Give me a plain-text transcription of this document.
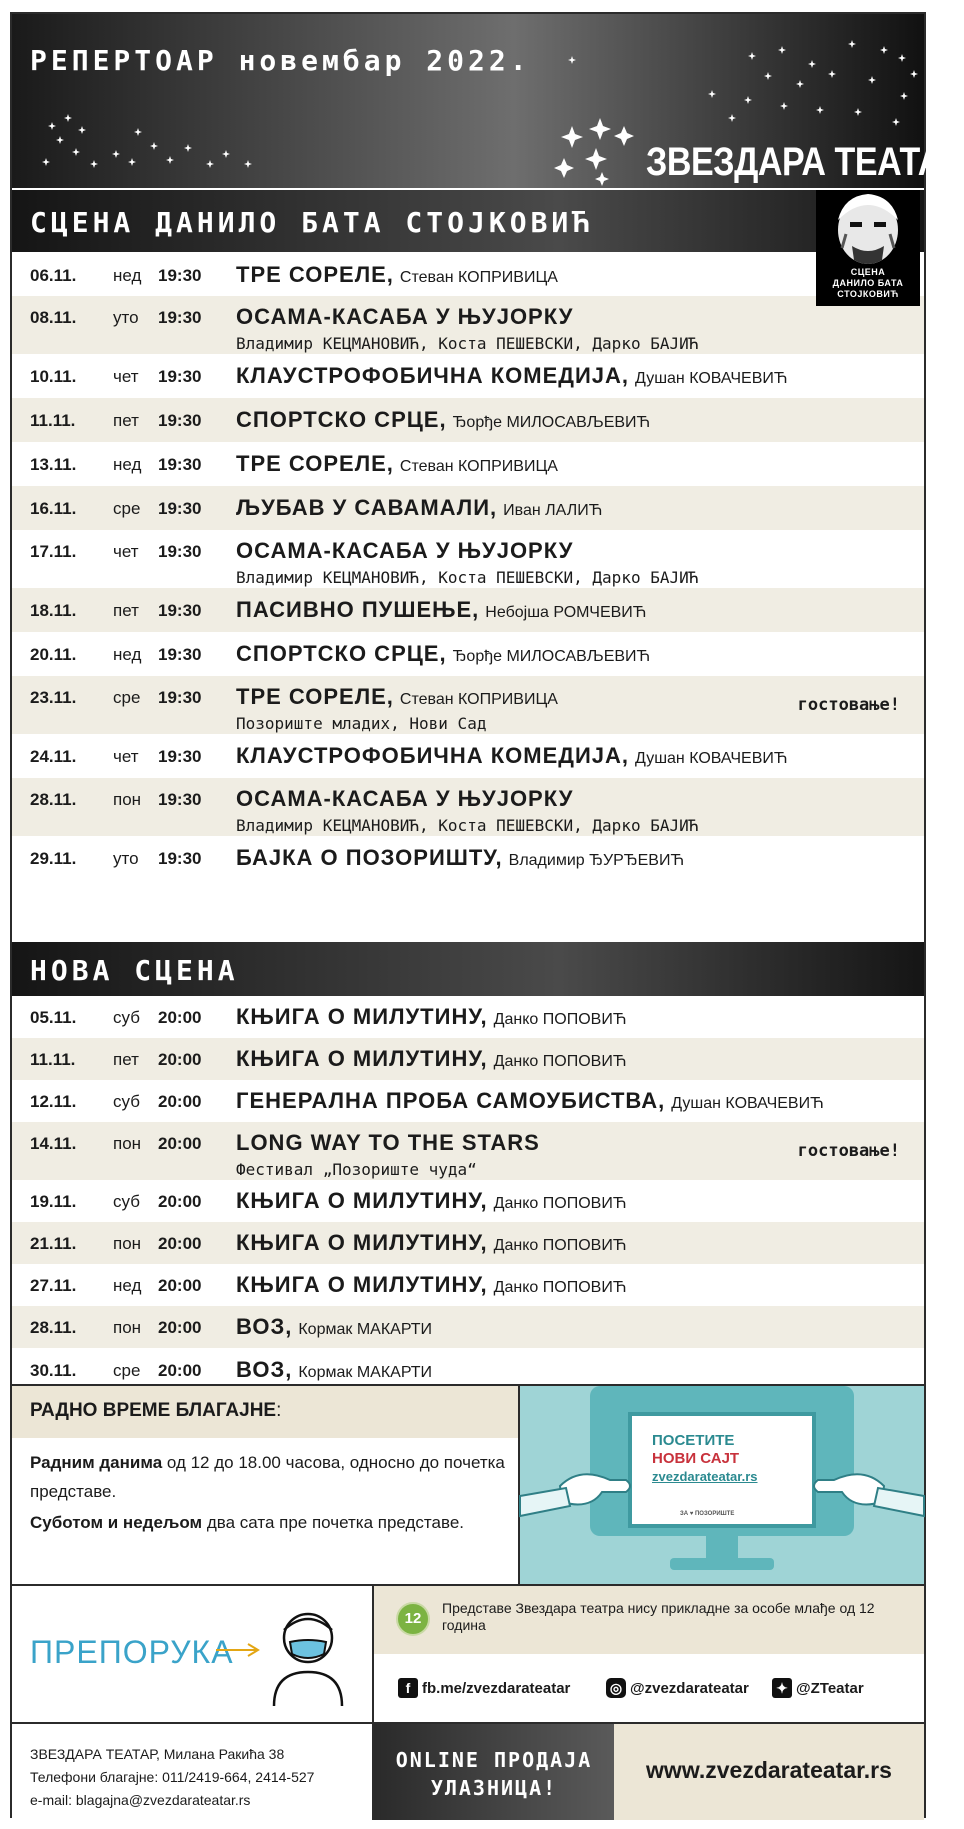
РЕПЕРТОАР новембар 2022.
ЗВЕЗДАРА ТЕАТАР
СЦЕНА ДАНИЛО БАТА СТОЈКОВИЋ
СЦЕНА
ДАНИЛО БАТА СТОЈКОВИЋ
06.11. нед 19:30 ТРЕ СОРЕЛЕ, Стеван КОПРИВИЦА
08.11. уто 19:30 ОСАМА-КАСАБА У ЊУЈОРКУ
Владимир КЕЦМАНОВИЋ, Коста ПЕШЕВСКИ, Дарко БАЈИЋ
10.11. чет 19:30 КЛАУСТРОФОБИЧНА КОМЕДИЈА, Душан КОВАЧЕВИЋ
11.11. пет 19:30 СПОРТСКО СРЦЕ, Ђорђе МИЛОСАВЉЕВИЋ
13.11. нед 19:30 ТРЕ СОРЕЛЕ, Стеван КОПРИВИЦА
16.11. сре 19:30 ЉУБАВ У САВАМАЛИ, Иван ЛАЛИЋ
17.11. чет 19:30 ОСАМА-КАСАБА У ЊУЈОРКУ
Владимир КЕЦМАНОВИЋ, Коста ПЕШЕВСКИ, Дарко БАЈИЋ
18.11. пет 19:30 ПАСИВНО ПУШЕЊЕ, Небојша РОМЧЕВИЋ
20.11. нед 19:30 СПОРТСКО СРЦЕ, Ђорђе МИЛОСАВЉЕВИЋ
23.11. сре 19:30 ТРЕ СОРЕЛЕ, Стеван КОПРИВИЦА
Позориште младих, Нови Сад
гостовање!
24.11. чет 19:30 КЛАУСТРОФОБИЧНА КОМЕДИЈА, Душан КОВАЧЕВИЋ
28.11. пон 19:30 ОСАМА-КАСАБА У ЊУЈОРКУ
Владимир КЕЦМАНОВИЋ, Коста ПЕШЕВСКИ, Дарко БАЈИЋ
29.11. уто 19:30 БАЈКА О ПОЗОРИШТУ, Владимир ЂУРЂЕВИЋ
НОВА СЦЕНА
05.11. суб 20:00 КЊИГА О МИЛУТИНУ, Данко ПОПОВИЋ
11.11. пет 20:00 КЊИГА О МИЛУТИНУ, Данко ПОПОВИЋ
12.11. суб 20:00 ГЕНЕРАЛНА ПРОБА САМОУБИСТВА, Душан КОВАЧЕВИЋ
14.11. пон 20:00 LONG WAY TO THE STARS
Фестивал „Позориште чуда“
гостовање!
19.11. суб 20:00 КЊИГА О МИЛУТИНУ, Данко ПОПОВИЋ
21.11. пон 20:00 КЊИГА О МИЛУТИНУ, Данко ПОПОВИЋ
27.11. нед 20:00 КЊИГА О МИЛУТИНУ, Данко ПОПОВИЋ
28.11. пон 20:00 ВОЗ, Кормак МАКАРТИ
30.11. сре 20:00 ВОЗ, Кормак МАКАРТИ
РАДНО ВРЕМЕ БЛАГАЈНЕ:

Радним данима од 12 до 18.00 часова, односно до почетка представе.

Суботом и недељом два сата пре почетка представе.

ПОСЕТИТЕ
НОВИ САЈТ
zvezdarateatar.rs
ЗА ♥ ПОЗОРИШТЕ
ПРЕПОРУКА
12
Представе Звездара театра нису прикладне за особе млађе од 12 година
f fb.me/zvezdarateatar	◎ @zvezdarateatar ✦ @ZTeatar
ЗВЕЗДАРА ТЕАТАР, Милана Ракића 38
Телефони благајне: 011/2419-664, 2414-527
e-mail: blagajna@zvezdarateatar.rs
ONLINE ПРОДАЈА
УЛАЗНИЦА!
www.zvezdarateatar.rs
